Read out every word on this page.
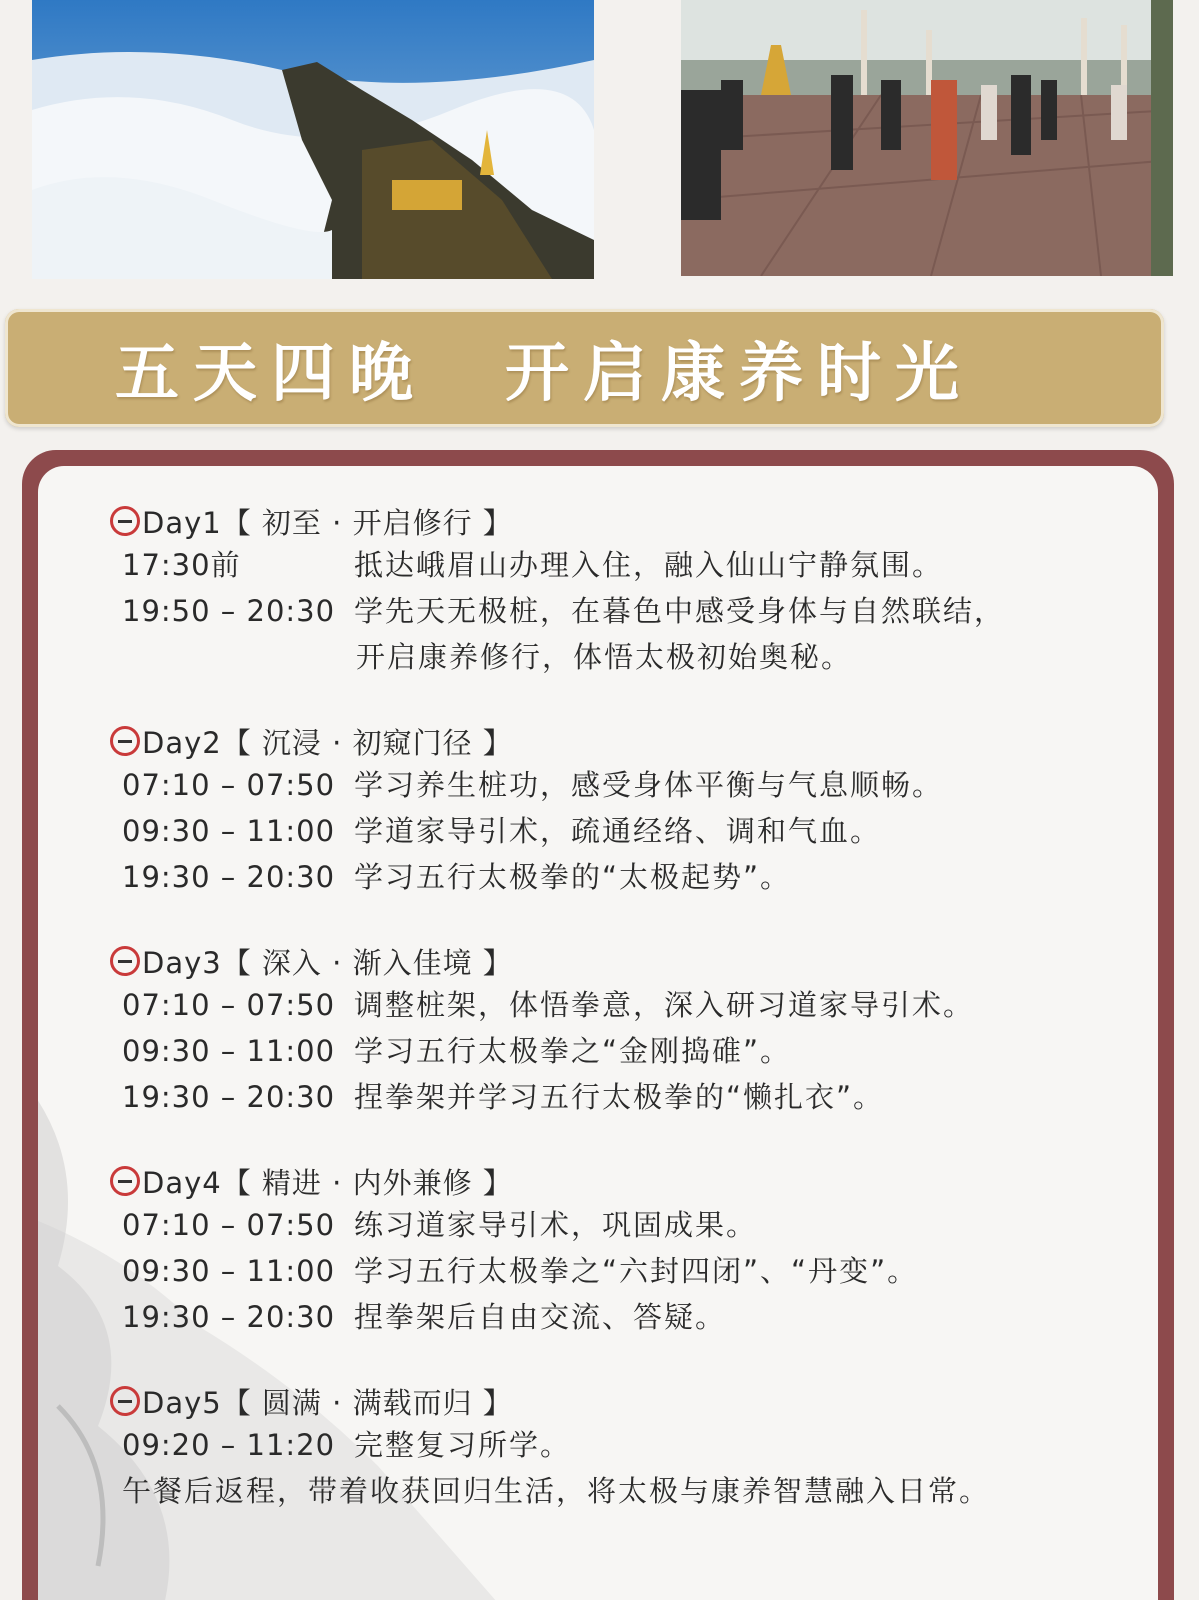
五天四晚　开启康养时光
Day1【 初至 · 开启修行 】
17:30前	抵达峨眉山办理入住，融入仙山宁静氛围。
19:50 – 20:30 学先天无极桩，在暮色中感受身体与自然联结，
开启康养修行，体悟太极初始奥秘。
Day2【 沉浸 · 初窥门径 】
07:10 – 07:50 学习养生桩功，感受身体平衡与气息顺畅。
09:30 – 11:00 学道家导引术，疏通经络、调和气血。
19:30 – 20:30 学习五行太极拳的“太极起势”。
Day3【 深入 · 渐入佳境 】
07:10 – 07:50 调整桩架，体悟拳意，深入研习道家导引术。
09:30 – 11:00 学习五行太极拳之“金刚捣碓”。
19:30 – 20:30 捏拳架并学习五行太极拳的“懒扎衣”。
Day4【 精进 · 内外兼修 】
07:10 – 07:50 练习道家导引术，巩固成果。
09:30 – 11:00 学习五行太极拳之“六封四闭”、“丹变”。
19:30 – 20:30 捏拳架后自由交流、答疑。
Day5【 圆满 · 满载而归 】
09:20 – 11:20 完整复习所学。
午餐后返程，带着收获回归生活，将太极与康养智慧融入日常。
